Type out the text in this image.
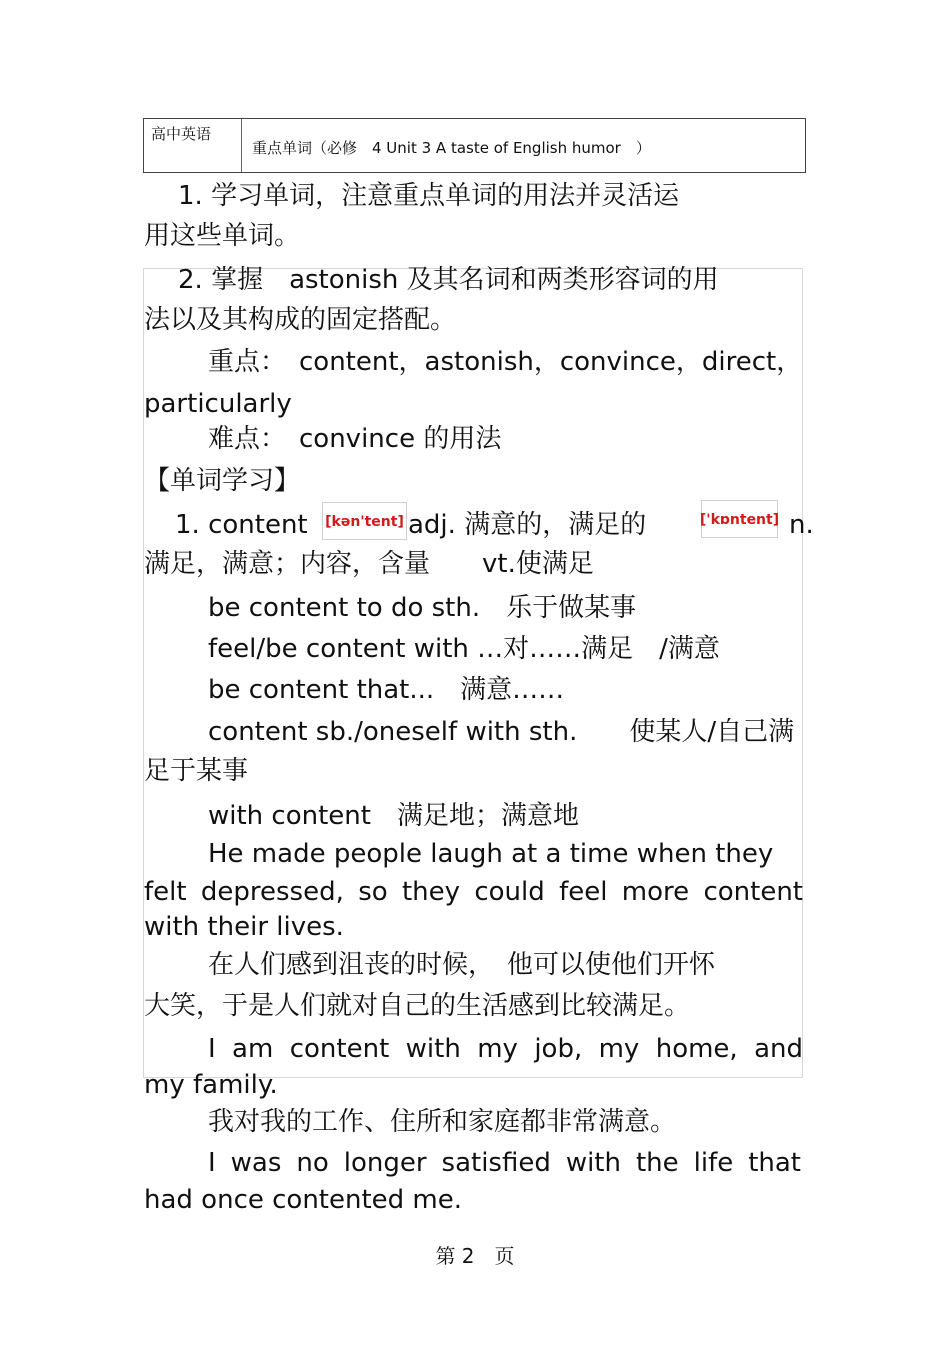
高中英语
重点单词（必修　4 Unit 3 A taste of English humor　）
1. 学习单词，注意重点单词的用法并灵活运
用这些单词。
2. 掌握　astonish 及其名词和两类形容词的用
法以及其构成的固定搭配。
重点：　content，astonish，convince，direct，
particularly
难点：　convince 的用法
【单词学习】
1. content [kən'tent] adj. 满意的，满足的	['kɒntent] n.
满足，满意；内容，含量　　vt.使满足
be content to do sth.　乐于做某事
feel/be content with …对……满足　/满意
be content that...　满意……
content sb./oneself with sth.　　使某人/自己满
足于某事
with content　满足地；满意地
He made people laugh at a time when they
felt depressed, so they could feel more content
with their lives.
在人们感到沮丧的时候，　他可以使他们开怀
大笑，于是人们就对自己的生活感到比较满足。
I am content with my job, my home, and
my family.
我对我的工作、住所和家庭都非常满意。
I was no longer satisfied with the life that
had once contented me.
第 2　页
